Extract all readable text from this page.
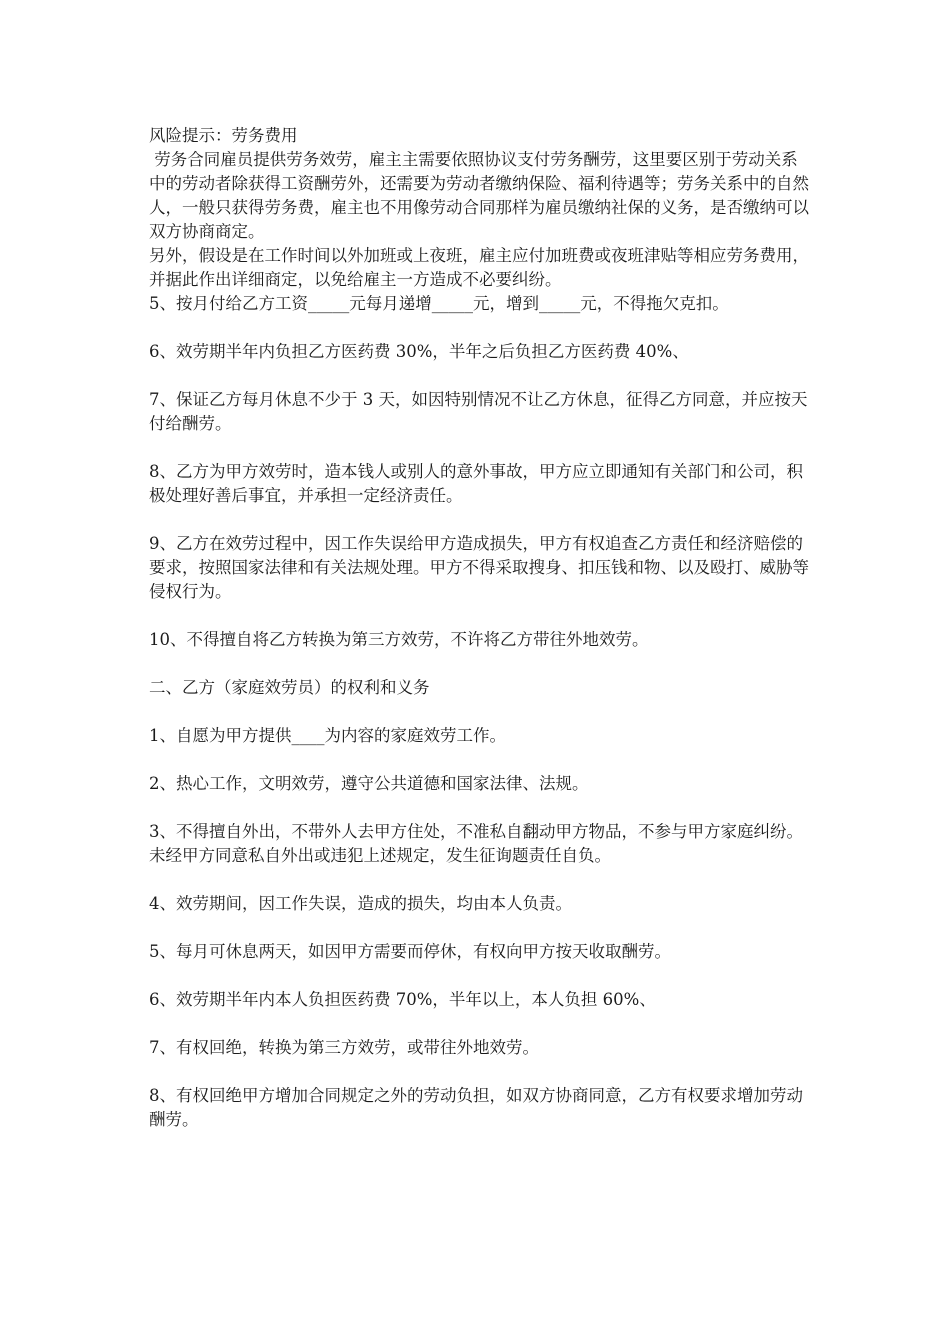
风险提示：劳务费用

劳务合同雇员提供劳务效劳，雇主主需要依照协议支付劳务酬劳，这里要区别于劳动关系中的劳动者除获得工资酬劳外，还需要为劳动者缴纳保险、福利待遇等；劳务关系中的自然人，一般只获得劳务费，雇主也不用像劳动合同那样为雇员缴纳社保的义务，是否缴纳可以双方协商商定。

另外，假设是在工作时间以外加班或上夜班，雇主应付加班费或夜班津贴等相应劳务费用，并据此作出详细商定，以免给雇主一方造成不必要纠纷。

5、按月付给乙方工资_____元每月递增_____元，增到_____元，不得拖欠克扣。

6、效劳期半年内负担乙方医药费 30%，半年之后负担乙方医药费 40%、

7、保证乙方每月休息不少于 3 天，如因特别情况不让乙方休息，征得乙方同意，并应按天付给酬劳。

8、乙方为甲方效劳时，造本钱人或别人的意外事故，甲方应立即通知有关部门和公司，积极处理好善后事宜，并承担一定经济责任。

9、乙方在效劳过程中，因工作失误给甲方造成损失，甲方有权追查乙方责任和经济赔偿的要求，按照国家法律和有关法规处理。甲方不得采取搜身、扣压钱和物、以及殴打、威胁等侵权行为。

10、不得擅自将乙方转换为第三方效劳，不许将乙方带往外地效劳。

二、乙方（家庭效劳员）的权利和义务

1、自愿为甲方提供____为内容的家庭效劳工作。

2、热心工作，文明效劳，遵守公共道德和国家法律、法规。

3、不得擅自外出，不带外人去甲方住处，不准私自翻动甲方物品，不参与甲方家庭纠纷。未经甲方同意私自外出或违犯上述规定，发生征询题责任自负。

4、效劳期间，因工作失误，造成的损失，均由本人负责。

5、每月可休息两天，如因甲方需要而停休，有权向甲方按天收取酬劳。

6、效劳期半年内本人负担医药费 70%，半年以上，本人负担 60%、

7、有权回绝，转换为第三方效劳，或带往外地效劳。

8、有权回绝甲方增加合同规定之外的劳动负担，如双方协商同意，乙方有权要求增加劳动酬劳。
